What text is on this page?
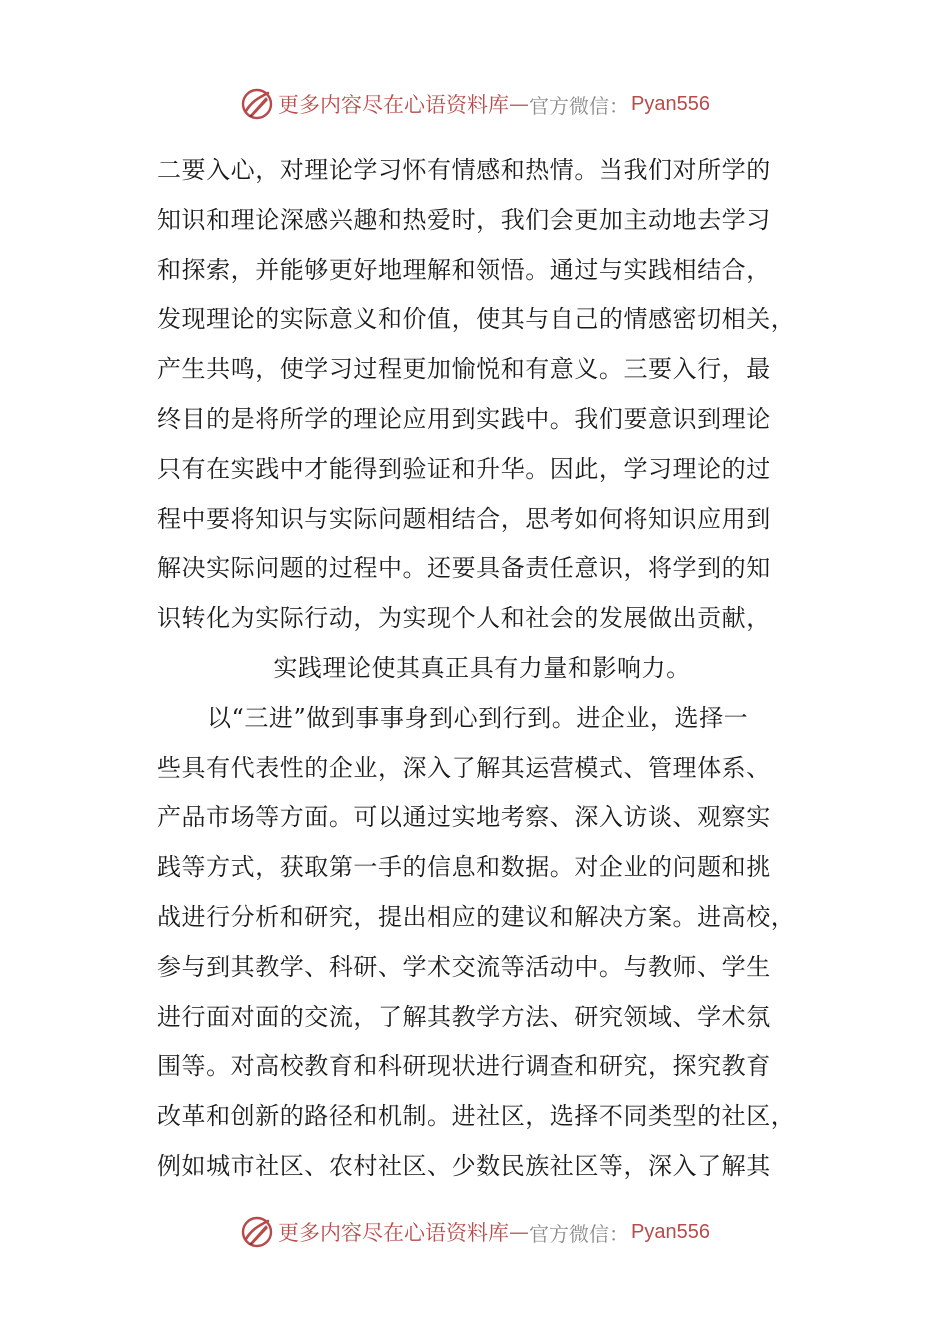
更多内容尽在心语资料库 — 官方微信： Pyan556
二要入心，对理论学习怀有情感和热情。当我们对所学的
知识和理论深感兴趣和热爱时，我们会更加主动地去学习
和探索，并能够更好地理解和领悟。通过与实践相结合，
发现理论的实际意义和价值，使其与自己的情感密切相关，
产生共鸣，使学习过程更加愉悦和有意义。三要入行，最
终目的是将所学的理论应用到实践中。我们要意识到理论
只有在实践中才能得到验证和升华。因此，学习理论的过
程中要将知识与实际问题相结合，思考如何将知识应用到
解决实际问题的过程中。还要具备责任意识，将学到的知
识转化为实际行动，为实现个人和社会的发展做出贡献，
实践理论使其真正具有力量和影响力。
以“三进”做到事事身到心到行到。进企业，选择一
些具有代表性的企业，深入了解其运营模式、管理体系、
产品市场等方面。可以通过实地考察、深入访谈、观察实
践等方式，获取第一手的信息和数据。对企业的问题和挑
战进行分析和研究，提出相应的建议和解决方案。进高校，
参与到其教学、科研、学术交流等活动中。与教师、学生
进行面对面的交流，了解其教学方法、研究领域、学术氛
围等。对高校教育和科研现状进行调查和研究，探究教育
改革和创新的路径和机制。进社区，选择不同类型的社区，
例如城市社区、农村社区、少数民族社区等，深入了解其
更多内容尽在心语资料库 — 官方微信： Pyan556
